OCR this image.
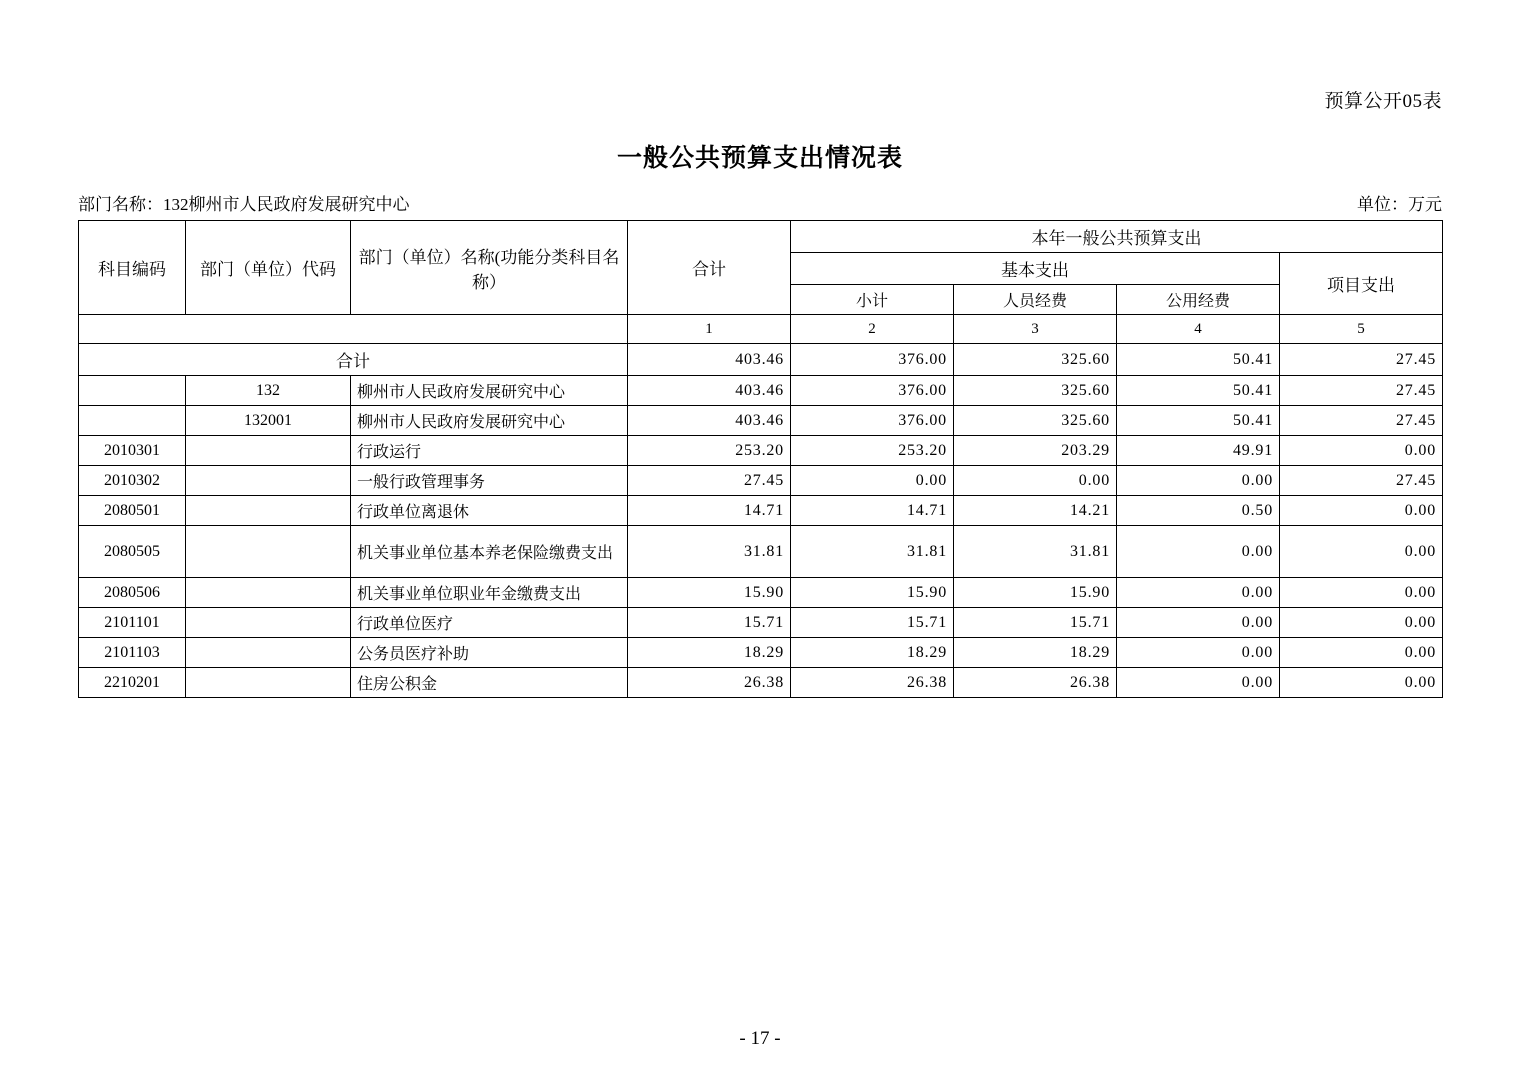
预算公开05表
一般公共预算支出情况表
部门名称：132柳州市人民政府发展研究中心	单位：万元
科目编码	部门（单位）代码	部门（单位）名称(功能分类科目名称）	合计	本年一般公共预算支出			
				基本支出			项目支出
				小计	人员经费	公用经费	
			1	2	3	4	5
合计			403.46	376.00	325.60	50.41	27.45
	132	柳州市人民政府发展研究中心	403.46	376.00	325.60	50.41	27.45
	132001	柳州市人民政府发展研究中心	403.46	376.00	325.60	50.41	27.45
2010301		行政运行	253.20	253.20	203.29	49.91	0.00
2010302		一般行政管理事务	27.45	0.00	0.00	0.00	27.45
2080501		行政单位离退休	14.71	14.71	14.21	0.50	0.00
2080505		机关事业单位基本养老保险缴费支出	31.81	31.81	31.81	0.00	0.00
2080506		机关事业单位职业年金缴费支出	15.90	15.90	15.90	0.00	0.00
2101101		行政单位医疗	15.71	15.71	15.71	0.00	0.00
2101103		公务员医疗补助	18.29	18.29	18.29	0.00	0.00
2210201		住房公积金	26.38	26.38	26.38	0.00	0.00
- 17 -
